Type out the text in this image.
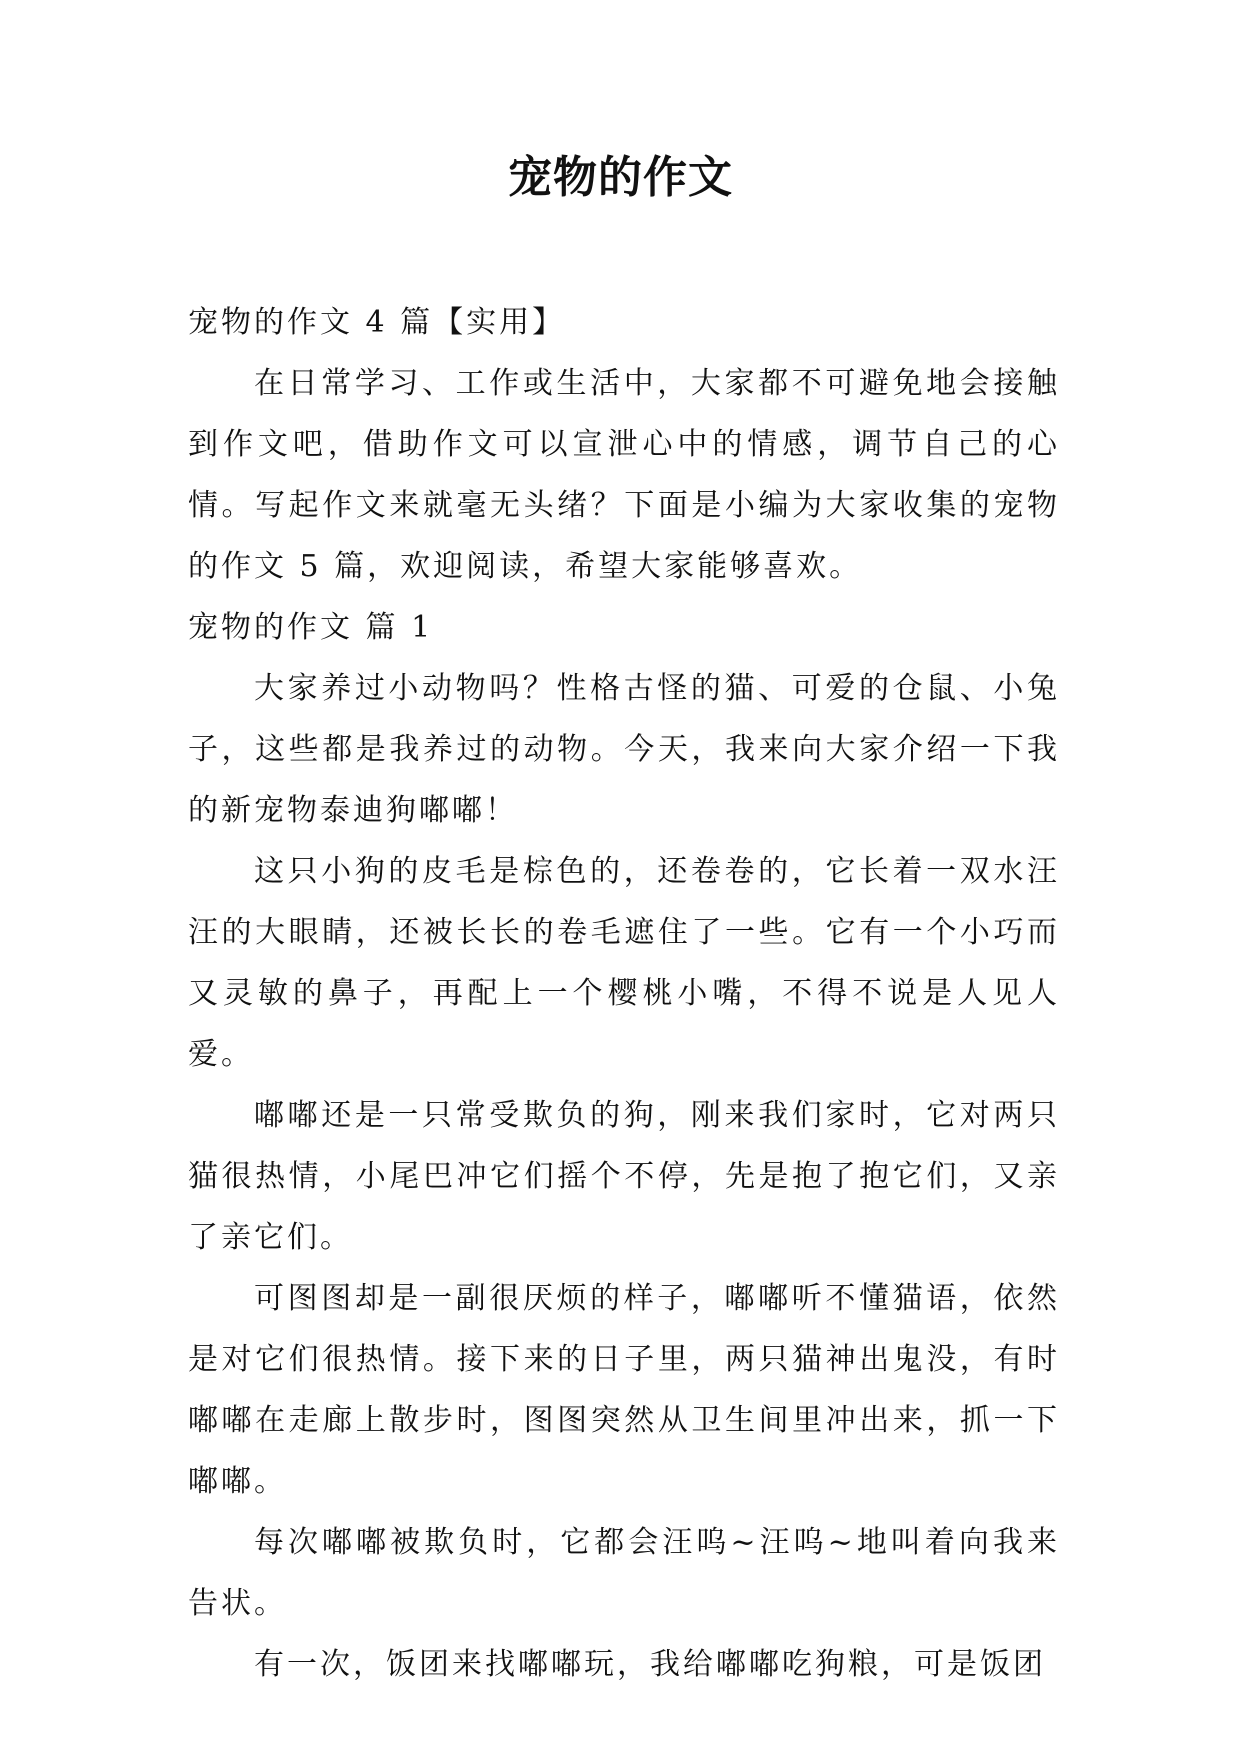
宠物的作文

宠物的作文 4 篇【实用】

在日常学习、工作或生活中，大家都不可避免地会接触到作文吧，借助作文可以宣泄心中的情感，调节自己的心情。写起作文来就毫无头绪？下面是小编为大家收集的宠物的作文 5 篇，欢迎阅读，希望大家能够喜欢。

宠物的作文 篇 1

大家养过小动物吗？性格古怪的猫、可爱的仓鼠、小兔子，这些都是我养过的动物。今天，我来向大家介绍一下我的新宠物泰迪狗嘟嘟！

这只小狗的皮毛是棕色的，还卷卷的，它长着一双水汪汪的大眼睛，还被长长的卷毛遮住了一些。它有一个小巧而又灵敏的鼻子，再配上一个樱桃小嘴，不得不说是人见人爱。

嘟嘟还是一只常受欺负的狗，刚来我们家时，它对两只猫很热情，小尾巴冲它们摇个不停，先是抱了抱它们，又亲了亲它们。

可图图却是一副很厌烦的样子，嘟嘟听不懂猫语，依然是对它们很热情。接下来的日子里，两只猫神出鬼没，有时嘟嘟在走廊上散步时，图图突然从卫生间里冲出来，抓一下嘟嘟。

每次嘟嘟被欺负时，它都会汪呜~汪呜~地叫着向我来告状。

有一次，饭团来找嘟嘟玩，我给嘟嘟吃狗粮，可是饭团
